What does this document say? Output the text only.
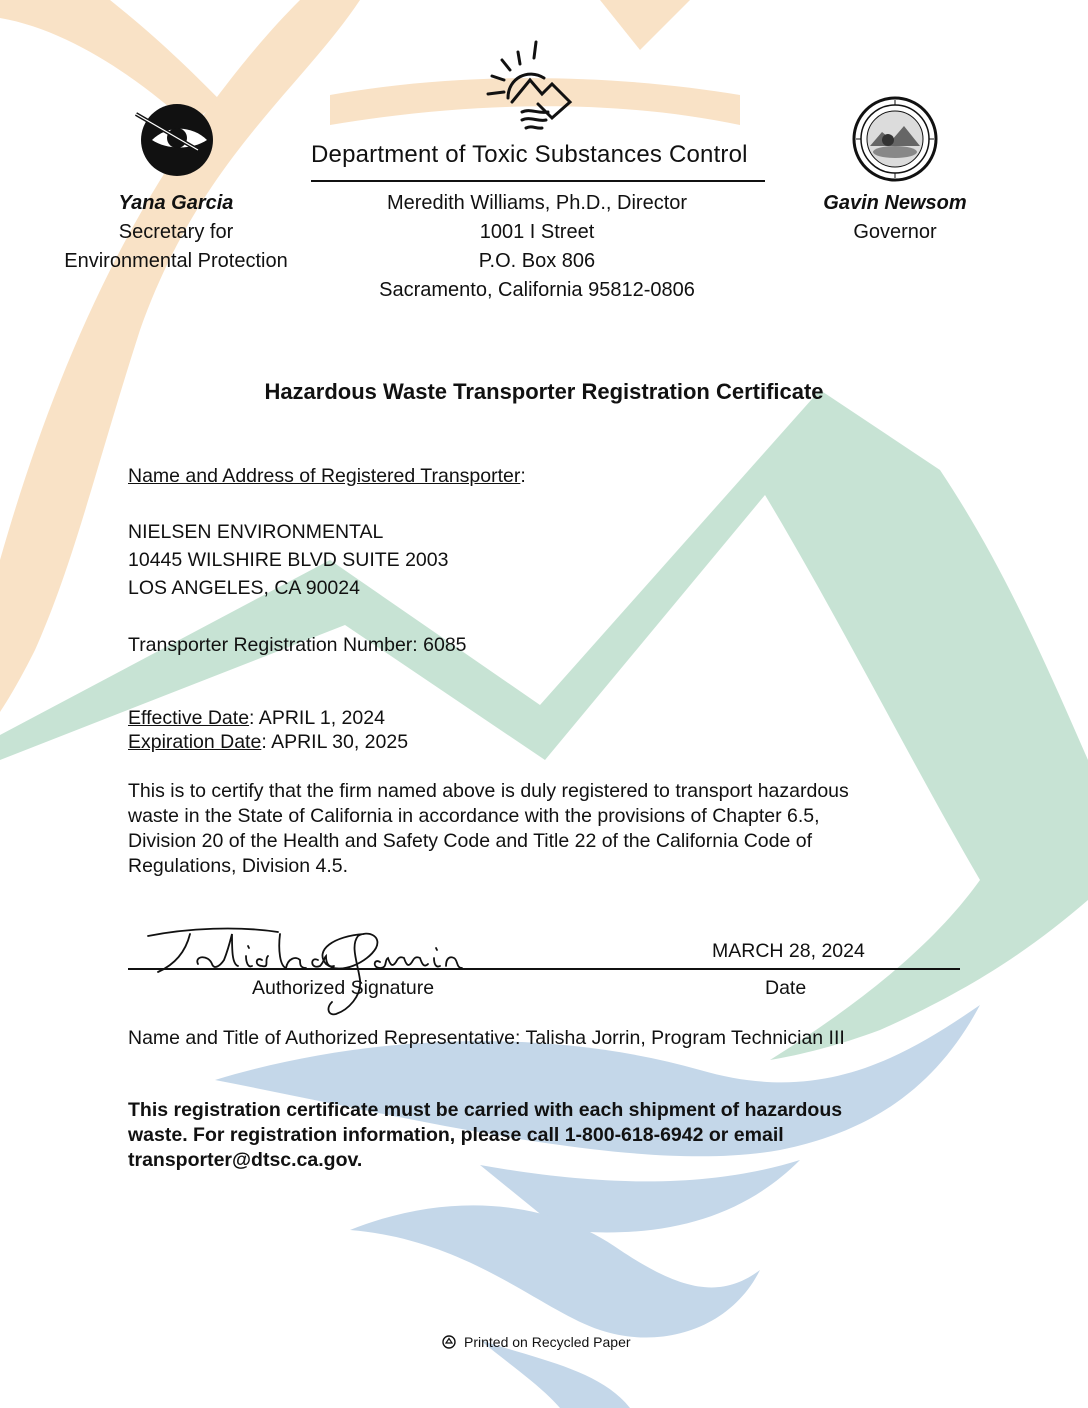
Department of Toxic Substances Control
Yana Garcia
Secretary for
Environmental Protection
Meredith Williams, Ph.D., Director
1001 I Street
P.O. Box 806
Sacramento, California 95812-0806
Gavin Newsom
Governor
Hazardous Waste Transporter Registration Certificate
Name and Address of Registered Transporter:
NIELSEN ENVIRONMENTAL
10445 WILSHIRE BLVD SUITE 2003
LOS ANGELES, CA 90024
Transporter Registration Number: 6085
Effective Date: APRIL 1, 2024
Expiration Date: APRIL 30, 2025
This is to certify that the firm named above is duly registered to transport hazardous
waste in the State of California in accordance with the provisions of Chapter 6.5,
Division 20 of the Health and Safety Code and Title 22 of the California Code of
Regulations, Division 4.5.
MARCH 28, 2024
Authorized Signature	Date
Name and Title of Authorized Representative: Talisha Jorrin, Program Technician III
This registration certificate must be carried with each shipment of hazardous
waste. For registration information, please call 1-800-618-6942 or email
transporter@dtsc.ca.gov.
Printed on Recycled Paper
